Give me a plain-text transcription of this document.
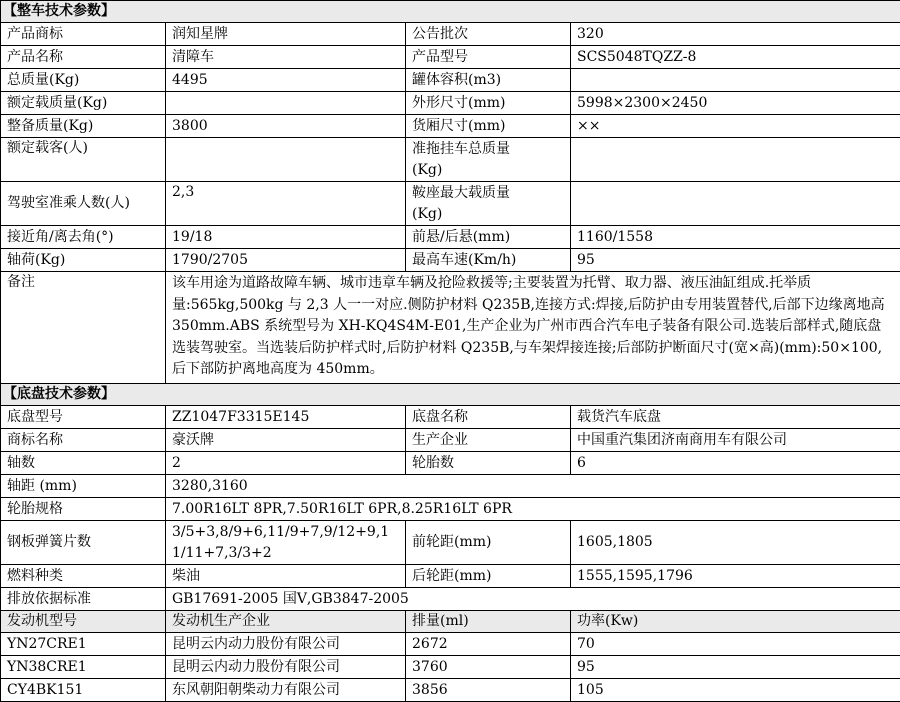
【整车技术参数】			
产品商标	润知星牌	公告批次	320
产品名称	清障车	产品型号	SCS5048TQZZ-8
总质量(Kg)	4495	罐体容积(m3)	
额定载质量(Kg)		外形尺寸(mm)	5998×2300×2450
整备质量(Kg)	3800	货厢尺寸(mm)	××
额定载客(人)		准拖挂车总质量(Kg)	
驾驶室准乘人数(人)	2,3	鞍座最大载质量(Kg)	
接近角/离去角(°)	19/18	前悬/后悬(mm)	1160/1558
轴荷(Kg)	1790/2705	最高车速(Km/h)	95
备注	该车用途为道路故障车辆、城市违章车辆及抢险救援等;主要装置为托臂、取力器、液压油缸组成.托举质量:565kg,500kg 与 2,3 人一一对应.侧防护材料 Q235B,连接方式:焊接,后防护由专用装置替代,后部下边缘离地高 350mm.ABS 系统型号为 XH-KQ4S4M-E01,生产企业为广州市西合汽车电子装备有限公司.选装后部样式,随底盘选装驾驶室。当选装后防护样式时,后防护材料 Q235B,与车架焊接连接;后部防护断面尺寸(宽×高)(mm):50×100,后下部防护离地高度为 450mm。		
【底盘技术参数】			
底盘型号	ZZ1047F3315E145	底盘名称	载货汽车底盘
商标名称	豪沃牌	生产企业	中国重汽集团济南商用车有限公司
轴数	2	轮胎数	6
轴距 (mm)	3280,3160		
轮胎规格	7.00R16LT 8PR,7.50R16LT 6PR,8.25R16LT 6PR		
钢板弹簧片数	3/5+3,8/9+6,11/9+7,9/12+9,11/11+7,3/3+2	前轮距(mm)	1605,1805
燃料种类	柴油	后轮距(mm)	1555,1595,1796
排放依据标准	GB17691-2005 国Ⅴ,GB3847-2005		
发动机型号	发动机生产企业	排量(ml)	功率(Kw)
YN27CRE1	昆明云内动力股份有限公司	2672	70
YN38CRE1	昆明云内动力股份有限公司	3760	95
CY4BK151	东风朝阳朝柴动力有限公司	3856	105
